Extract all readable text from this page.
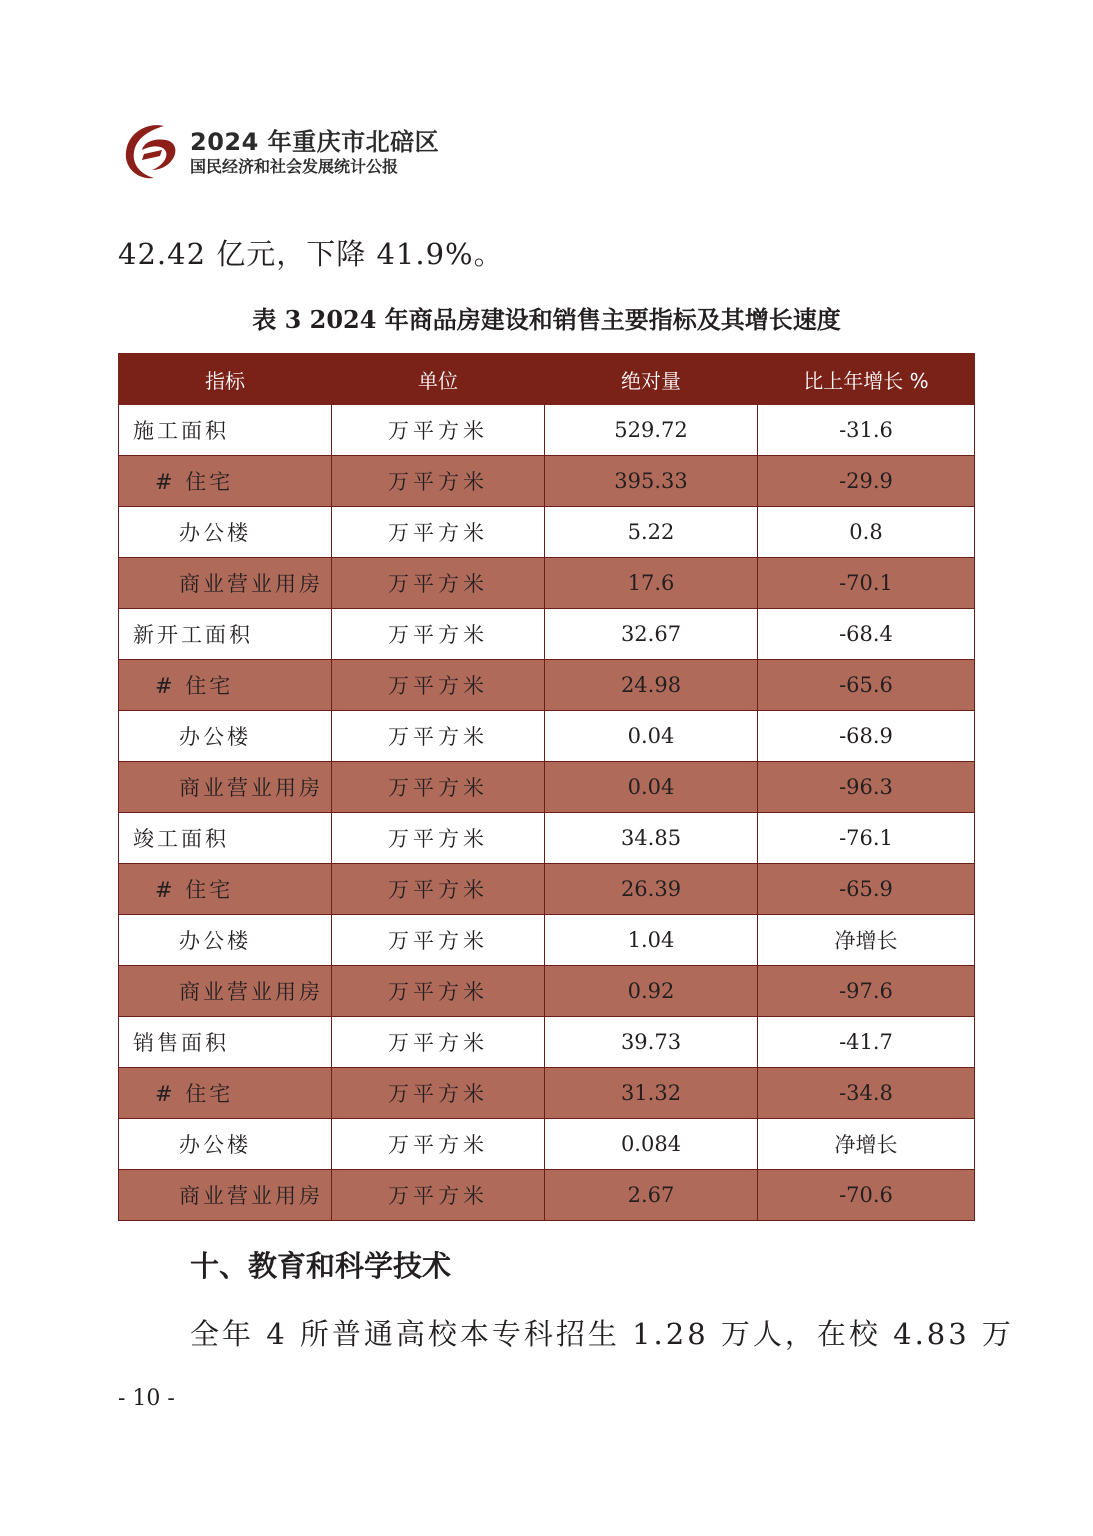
2024 年重庆市北碚区
国民经济和社会发展统计公报
42.42 亿元，下降 41.9%。
表 3 2024 年商品房建设和销售主要指标及其增长速度
指标	单位	绝对量	比上年增长 %
施工面积	万平方米	529.72	-31.6
# 住宅	万平方米	395.33	-29.9
办公楼	万平方米	5.22	0.8
商业营业用房	万平方米	17.6	-70.1
新开工面积	万平方米	32.67	-68.4
# 住宅	万平方米	24.98	-65.6
办公楼	万平方米	0.04	-68.9
商业营业用房	万平方米	0.04	-96.3
竣工面积	万平方米	34.85	-76.1
# 住宅	万平方米	26.39	-65.9
办公楼	万平方米	1.04	净增长
商业营业用房	万平方米	0.92	-97.6
销售面积	万平方米	39.73	-41.7
# 住宅	万平方米	31.32	-34.8
办公楼	万平方米	0.084	净增长
商业营业用房	万平方米	2.67	-70.6
十、教育和科学技术
全年 4 所普通高校本专科招生 1.28 万人，在校 4.83 万
- 10 -
